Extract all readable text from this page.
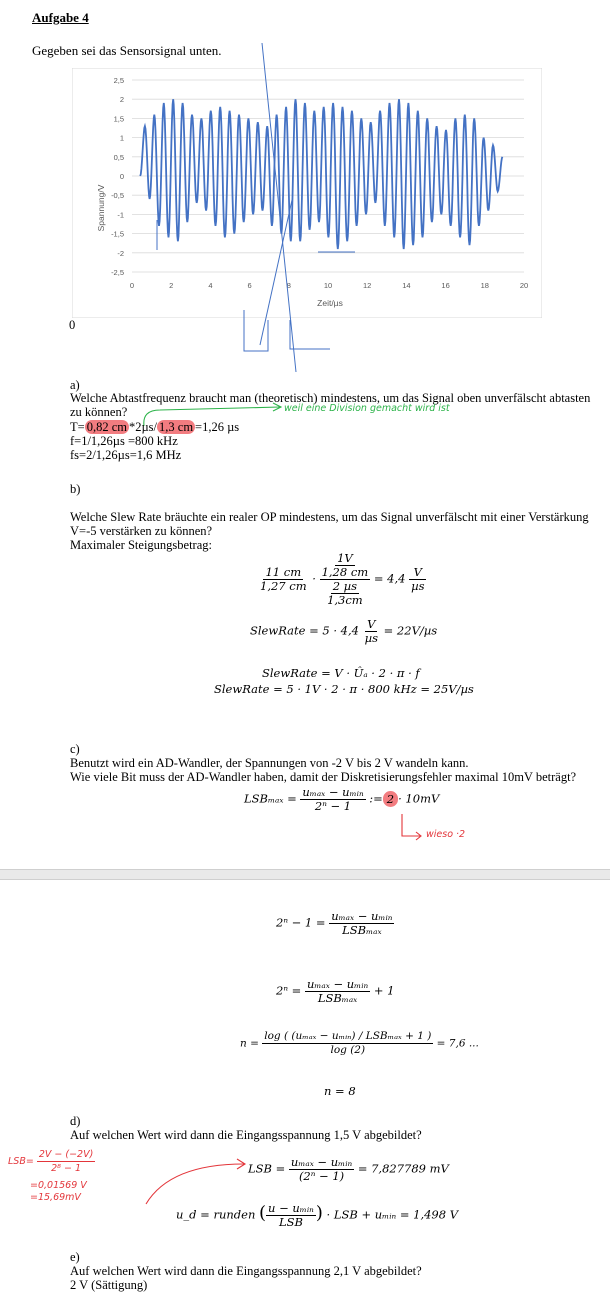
Aufgabe 4
Gegeben sei das Sensorsignal unten.
2,5
2
1,5
1
0,5
0
-0,5
-1
-1,5
-2
-2,5
0	2	4	6	8	10	12	14	16	18	20
Spannung/V
Zeit/µs
0
a)
Welche Abtastfrequenz braucht man (theoretisch) mindestens, um das Signal oben unverfälscht abtasten
zu können?	weil eine Division gemacht wird ist
T= 0,82 cm *2µs/ 1,3 cm =1,26 µs
f=1/1,26µs =800 kHz
fs=2/1,26µs=1,6 MHz
b)
Welche Slew Rate bräuchte ein realer OP mindestens, um das Signal unverfälscht mit einer Verstärkung
V=-5 verstärken zu können?
Maximaler Steigungsbetrag:
$\frac{11 cm}{1,27 cm} \cdot 1V$
1,28 cm
2 µs
$1,3cm = 4,4 \frac{V}{\text{µs}}$
SlewRate = $5 \cdot 4,4 \frac{V}{\text{µs}} = 22V/\mu s$
SlewRate = V · Ûₐ · 2 · π · f
SlewRate = 5 · 1V · 2 · π · 800 kHz = 25V/µs
c)
Benutzt wird ein AD-Wandler, der Spannungen von -2 V bis 2 V wandeln kann.
Wie viele Bit muss der AD-Wandler haben, damit der Diskretisierungsfehler maximal 10mV beträgt?
$LSB_{max} = \frac{\text{uₘₐₓ − uₘᵢₙ}}{\text{2ⁿ − 1}}$ := 2 · 10mV
wieso ·2
$2^n - 1 = \frac{\text{uₘₐₓ − uₘᵢₙ}}{\text{LSBₘₐₓ}}$
$2^n = \frac{\text{uₘₐₓ − uₘᵢₙ}}{\text{LSBₘₐₓ}} + 1$
$n = \frac{\text{log ( (uₘₐₓ − uₘᵢₙ) / LSBₘₐₓ + 1 )}}{\log (2)} = 7,6$ ...
n = 8
d)
Auf welchen Wert wird dann die Eingangsspannung 1,5 V abgebildet?
$LSB= \frac{2V - (-2V)}{\text{2⁸ − 1}}$
=0,01569 V
=15,69mV
LSB = $\frac{\text{uₘₐₓ − uₘᵢₙ}}{\text{(2ⁿ − 1)}} = 7,827789$ mV
u_d = runden ( $\frac{\text{u − uₘᵢₙ}}{\text{LSB}}$ ) · LSB + uₘᵢₙ = 1,498 V
e)
Auf welchen Wert wird dann die Eingangsspannung 2,1 V abgebildet?
2 V (Sättigung)
